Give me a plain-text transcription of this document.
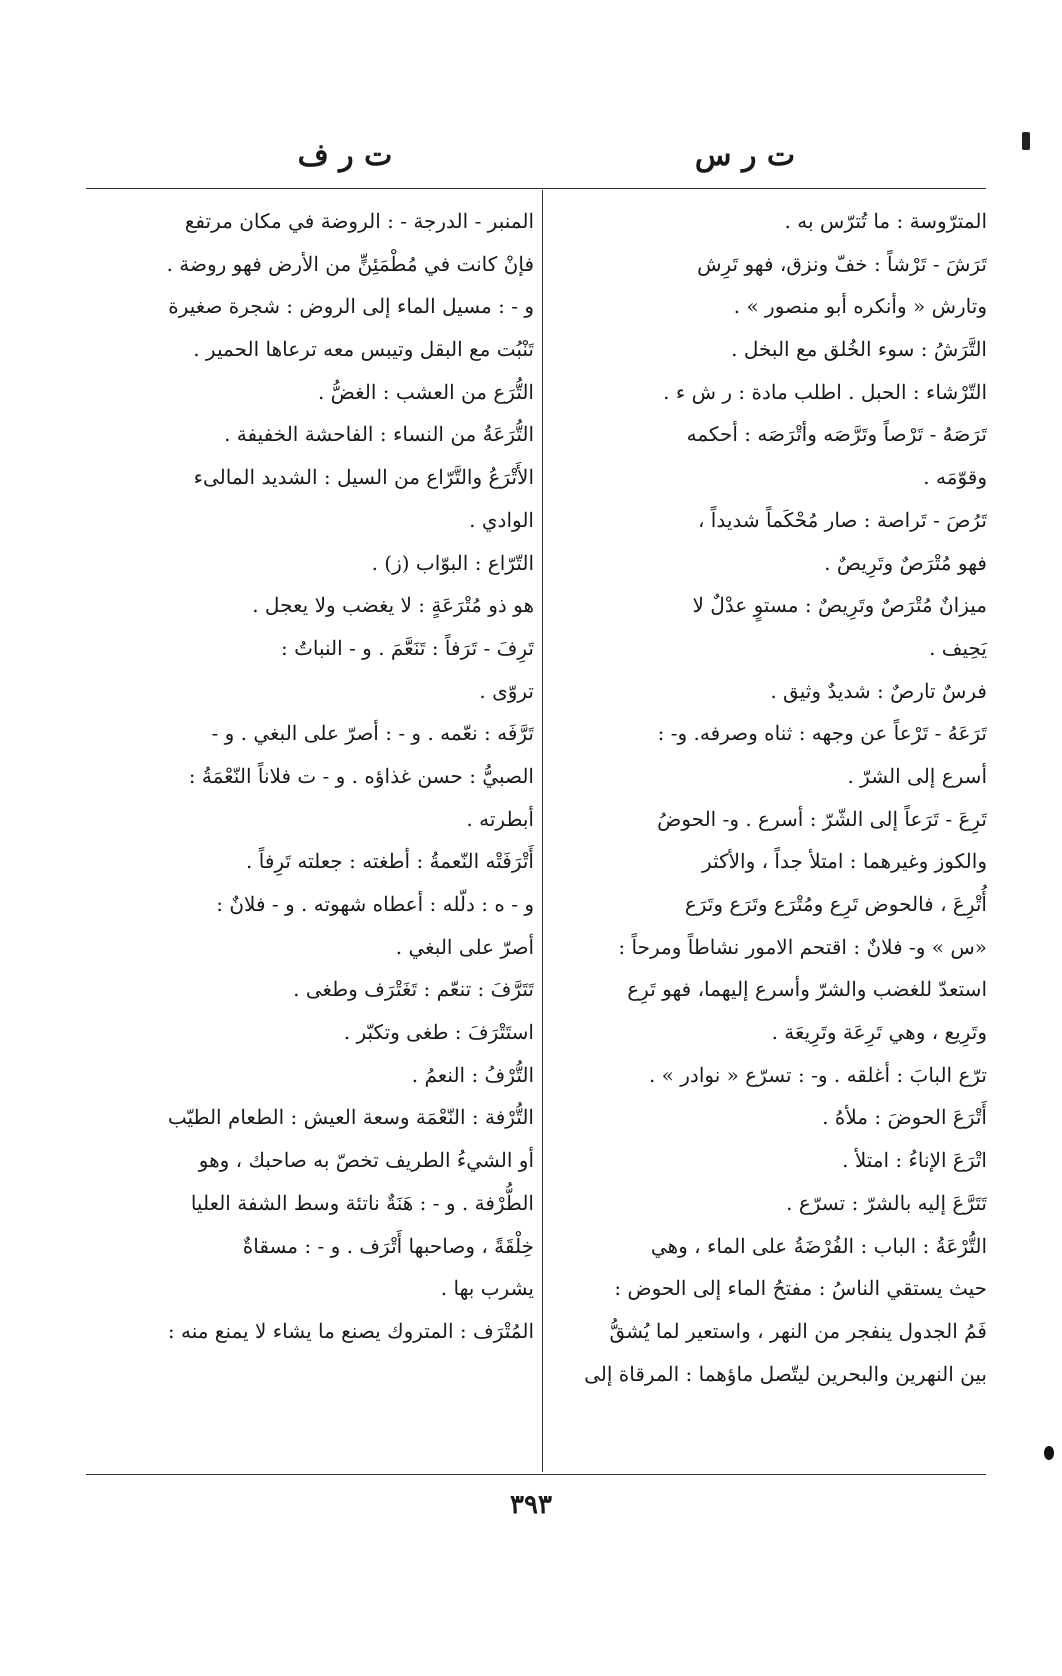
ت ر س
ت ر ف
المترّوسة : ما تُترّس به .
تَرَشَ - تَرْشاً : خفّ ونزق، فهو تَرِش
وتارش « وأنكره أبو منصور » .
التَّرَشُ : سوء الخُلق مع البخل .
التّرْشاء : الحبل . اطلب مادة : ر ش ء .
تَرَصَهُ - تَرْصاً وتَرَّصَه وأتْرَصَه : أحكمه
وقوّمَه .
تَرُصَ - تَراصة : صار مُحْكَماً شديداً ،
فهو مُتْرَصٌ وتَرِيصٌ .
ميزانٌ مُتْرَصٌ وتَرِيصٌ : مستوٍ عدْلٌ لا
يَحِيف .
فرسٌ تارصٌ : شديدٌ وثيق .
تَرَعَهُ - تَرْعاً عن وجهه : ثناه وصرفه. و- :
أسرع إلى الشرّ .
تَرِعَ - تَرَعاً إلى الشّرّ : أسرع . و- الحوضُ
والكوز وغيرهما : امتلأ جداً ، والأكثر
أُتْرِعَ ، فالحوض تَرِع ومُتْرَع وتَرَع وتَرَع
«س » و- فلانٌ : اقتحم الامور نشاطاً ومرحاً :
استعدّ للغضب والشرّ وأسرع إليهما، فهو تَرِع
وتَرِيع ، وهي تَرِعَة وتَرِيعَة .
ترّع البابَ : أغلقه . و- : تسرّع « نوادر » .
أَتْرَعَ الحوضَ : ملأهُ .
اتْرَعَ الإناءُ : امتلأ .
تَتَرَّعَ إليه بالشرّ : تسرّع .
التُّرْعَةُ : الباب : الفُرْضَةُ على الماء ، وهي
حيث يستقي الناسُ : مفتحُ الماء إلى الحوض :
فَمُ الجدول ينفجر من النهر ، واستعير لما يُشقُّ
بين النهرين والبحرين ليتّصل ماؤهما : المرقاة إلى
المنبر - الدرجة - : الروضة في مكان مرتفع
فإنْ كانت في مُطْمَئِنٍّ من الأرض فهو روضة .
و - : مسيل الماء إلى الروض : شجرة صغيرة
تَنْبُت مع البقل وتيبس معه ترعاها الحمير .
التُّرَع من العشب : الغضُّ .
التُّرَعَةُ من النساء : الفاحشة الخفيفة .
الأَتْرَعُ والتَّرّاع من السيل : الشديد المالىء
الوادي .
التّرّاع : البوّاب (ز) .
هو ذو مُتْرَعَةٍ : لا يغضب ولا يعجل .
تَرِفَ - تَرَفاً : تَنَعَّمَ . و - النباتُ :
تروّى .
تَرَّفَه : نعّمه . و - : أصرّ على البغي . و -
الصبيُّ : حسن غذاؤه . و - ت فلاناً النّعْمَةُ :
أبطرته .
أَتْرَفَتْه النّعمةُ : أطغته : جعلته تَرِفاً .
و - ه : دلّله : أعطاه شهوته . و - فلانٌ :
أصرّ على البغي .
تَتَرَّفَ : تنعّم : تَغَتْرَف وطغى .
استَتْرَفَ : طغى وتكبّر .
التُّرْفُ : النعمُ .
التُّرْفة : النّعْمَة وسعة العيش : الطعام الطيّب
أو الشيءُ الطريف تخصّ به صاحبك ، وهو
الطُّرْفة . و - : هَنَةٌ ناتئة وسط الشفة العليا
خِلْقَةً ، وصاحبها أَتْرَف . و - : مسقاةٌ
يشرب بها .
المُتْرَف : المتروك يصنع ما يشاء لا يمنع منه :
٣٩٣
